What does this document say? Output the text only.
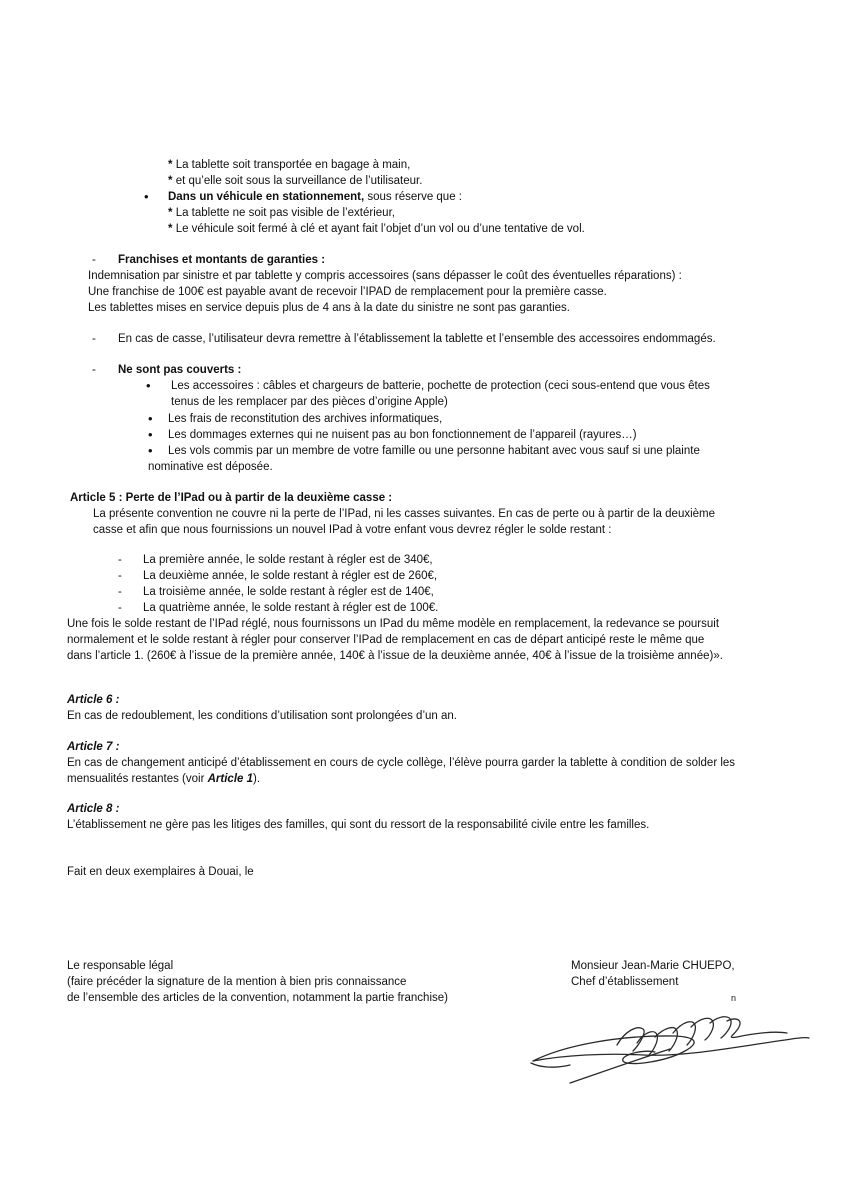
* La tablette soit transportée en bagage à main,
* et qu’elle soit sous la surveillance de l’utilisateur.
• Dans un véhicule en stationnement, sous réserve que :
* La tablette ne soit pas visible de l’extérieur,
* Le véhicule soit fermé à clé et ayant fait l’objet d’un vol ou d’une tentative de vol.
- Franchises et montants de garanties :
Indemnisation par sinistre et par tablette y compris accessoires (sans dépasser le coût des éventuelles réparations) :
Une franchise de 100€ est payable avant de recevoir l’IPAD de remplacement pour la première casse.
Les tablettes mises en service depuis plus de 4 ans à la date du sinistre ne sont pas garanties.
- En cas de casse, l’utilisateur devra remettre à l’établissement la tablette et l’ensemble des accessoires endommagés.
- Ne sont pas couverts :
• Les accessoires : câbles et chargeurs de batterie, pochette de protection (ceci sous-entend que vous êtes
tenus de les remplacer par des pièces d’origine Apple)
• Les frais de reconstitution des archives informatiques,
• Les dommages externes qui ne nuisent pas au bon fonctionnement de l’appareil (rayures…)
• Les vols commis par un membre de votre famille ou une personne habitant avec vous sauf si une plainte
nominative est déposée.
Article 5 : Perte de l’IPad ou à partir de la deuxième casse :
La présente convention ne couvre ni la perte de l’IPad, ni les casses suivantes. En cas de perte ou à partir de la deuxième
casse et afin que nous fournissions un nouvel IPad à votre enfant vous devrez régler le solde restant :
- La première année, le solde restant à régler est de 340€,
- La deuxième année, le solde restant à régler est de 260€,
- La troisième année, le solde restant à régler est de 140€,
- La quatrième année, le solde restant à régler est de 100€.
Une fois le solde restant de l’IPad réglé, nous fournissons un IPad du même modèle en remplacement, la redevance se poursuit
normalement et le solde restant à régler pour conserver l’IPad de remplacement en cas de départ anticipé reste le même que
dans l’article 1. (260€ à l’issue de la première année, 140€ à l’issue de la deuxième année, 40€ à l’issue de la troisième année)».
Article 6 :
En cas de redoublement, les conditions d’utilisation sont prolongées d’un an.
Article 7 :
En cas de changement anticipé d’établissement en cours de cycle collège, l’élève pourra garder la tablette à condition de solder les
mensualités restantes (voir Article 1).
Article 8 :
L’établissement ne gère pas les litiges des familles, qui sont du ressort de la responsabilité civile entre les familles.
Fait en deux exemplaires à Douai, le
Le responsable légal
(faire précéder la signature de la mention à bien pris connaissance
de l’ensemble des articles de la convention, notamment la partie franchise)
Monsieur Jean-Marie CHUEPO,
Chef d’établissement
n
